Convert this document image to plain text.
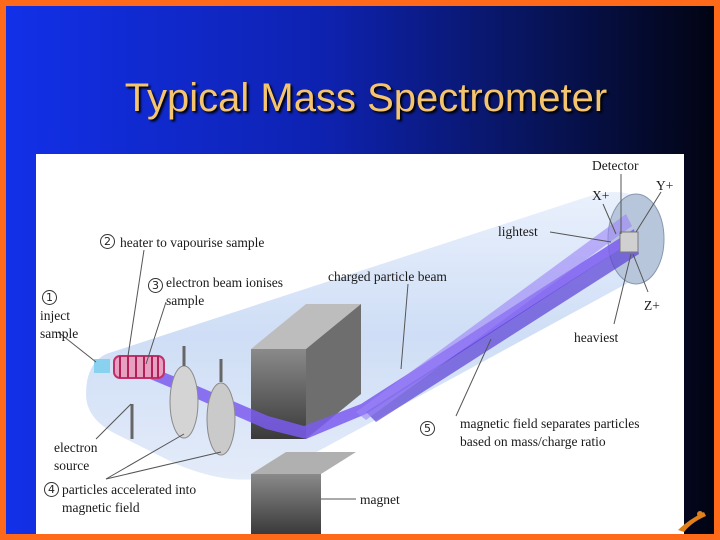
Typical Mass Spectrometer
1
2
3
4
5
Detector
X+
Y+
Z+
lightest
heaviest
heater to vapourise sample
electron beam ionises
sample
charged particle beam
inject
sample
electron
source
particles accelerated into
magnetic field
magnetic field separates particles
based on mass/charge ratio
magnet
